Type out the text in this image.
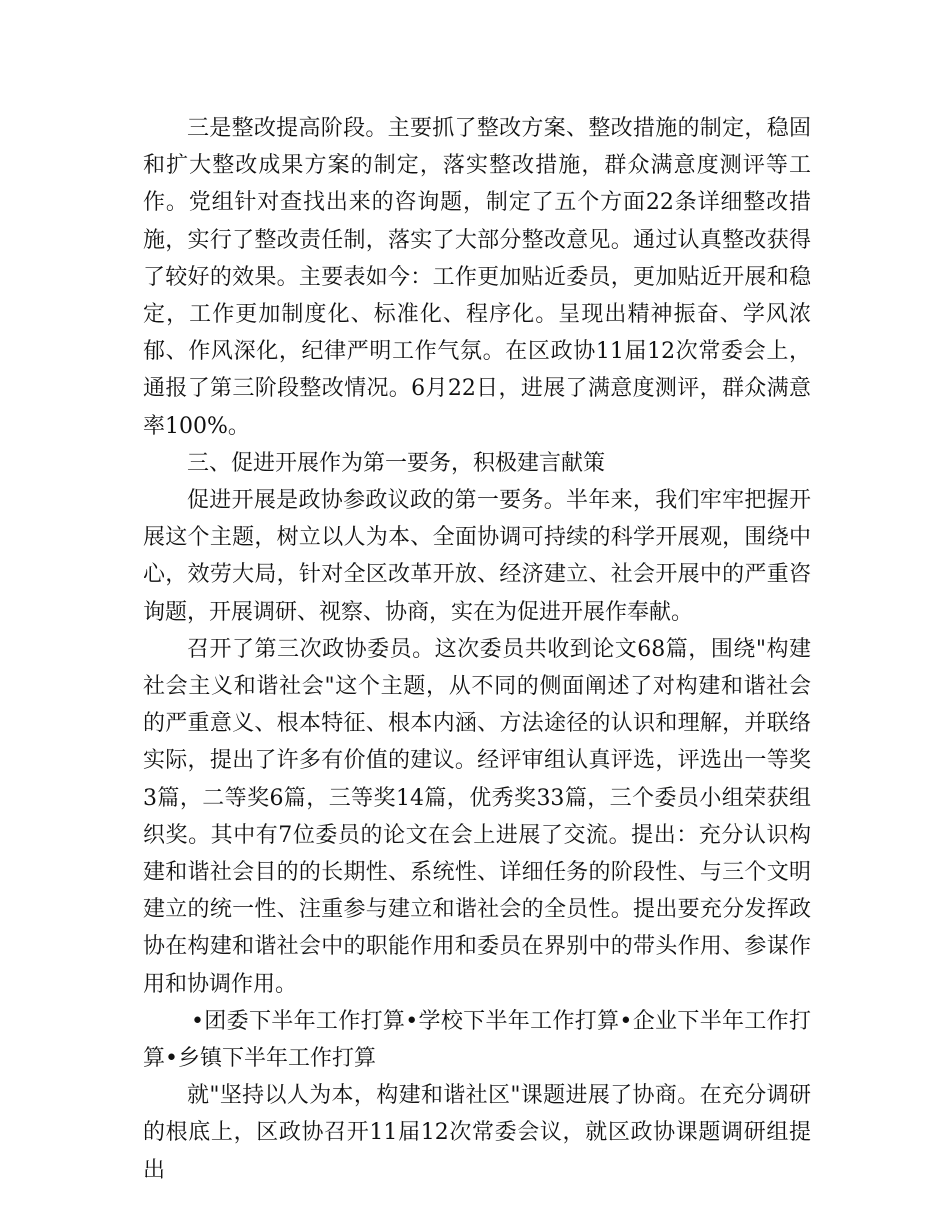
三是整改提高阶段。主要抓了整改方案、整改措施的制定，稳固和扩大整改成果方案的制定，落实整改措施，群众满意度测评等工作。党组针对查找出来的咨询题，制定了五个方面22条详细整改措施，实行了整改责任制，落实了大部分整改意见。通过认真整改获得了较好的效果。主要表如今：工作更加贴近委员，更加贴近开展和稳定，工作更加制度化、标准化、程序化。呈现出精神振奋、学风浓郁、作风深化，纪律严明工作气氛。在区政协11届12次常委会上，通报了第三阶段整改情况。6月22日，进展了满意度测评，群众满意率100%。

三、促进开展作为第一要务，积极建言献策

促进开展是政协参政议政的第一要务。半年来，我们牢牢把握开展这个主题，树立以人为本、全面协调可持续的科学开展观，围绕中心，效劳大局，针对全区改革开放、经济建立、社会开展中的严重咨询题，开展调研、视察、协商，实在为促进开展作奉献。

召开了第三次政协委员。这次委员共收到论文68篇，围绕"构建社会主义和谐社会"这个主题，从不同的侧面阐述了对构建和谐社会的严重意义、根本特征、根本内涵、方法途径的认识和理解，并联络实际，提出了许多有价值的建议。经评审组认真评选，评选出一等奖3篇，二等奖6篇，三等奖14篇，优秀奖33篇，三个委员小组荣获组织奖。其中有7位委员的论文在会上进展了交流。提出：充分认识构建和谐社会目的的长期性、系统性、详细任务的阶段性、与三个文明建立的统一性、注重参与建立和谐社会的全员性。提出要充分发挥政协在构建和谐社会中的职能作用和委员在界别中的带头作用、参谋作用和协调作用。

•团委下半年工作打算•学校下半年工作打算•企业下半年工作打算•乡镇下半年工作打算

就"坚持以人为本，构建和谐社区"课题进展了协商。在充分调研的根底上，区政协召开11届12次常委会议，就区政协课题调研组提出
